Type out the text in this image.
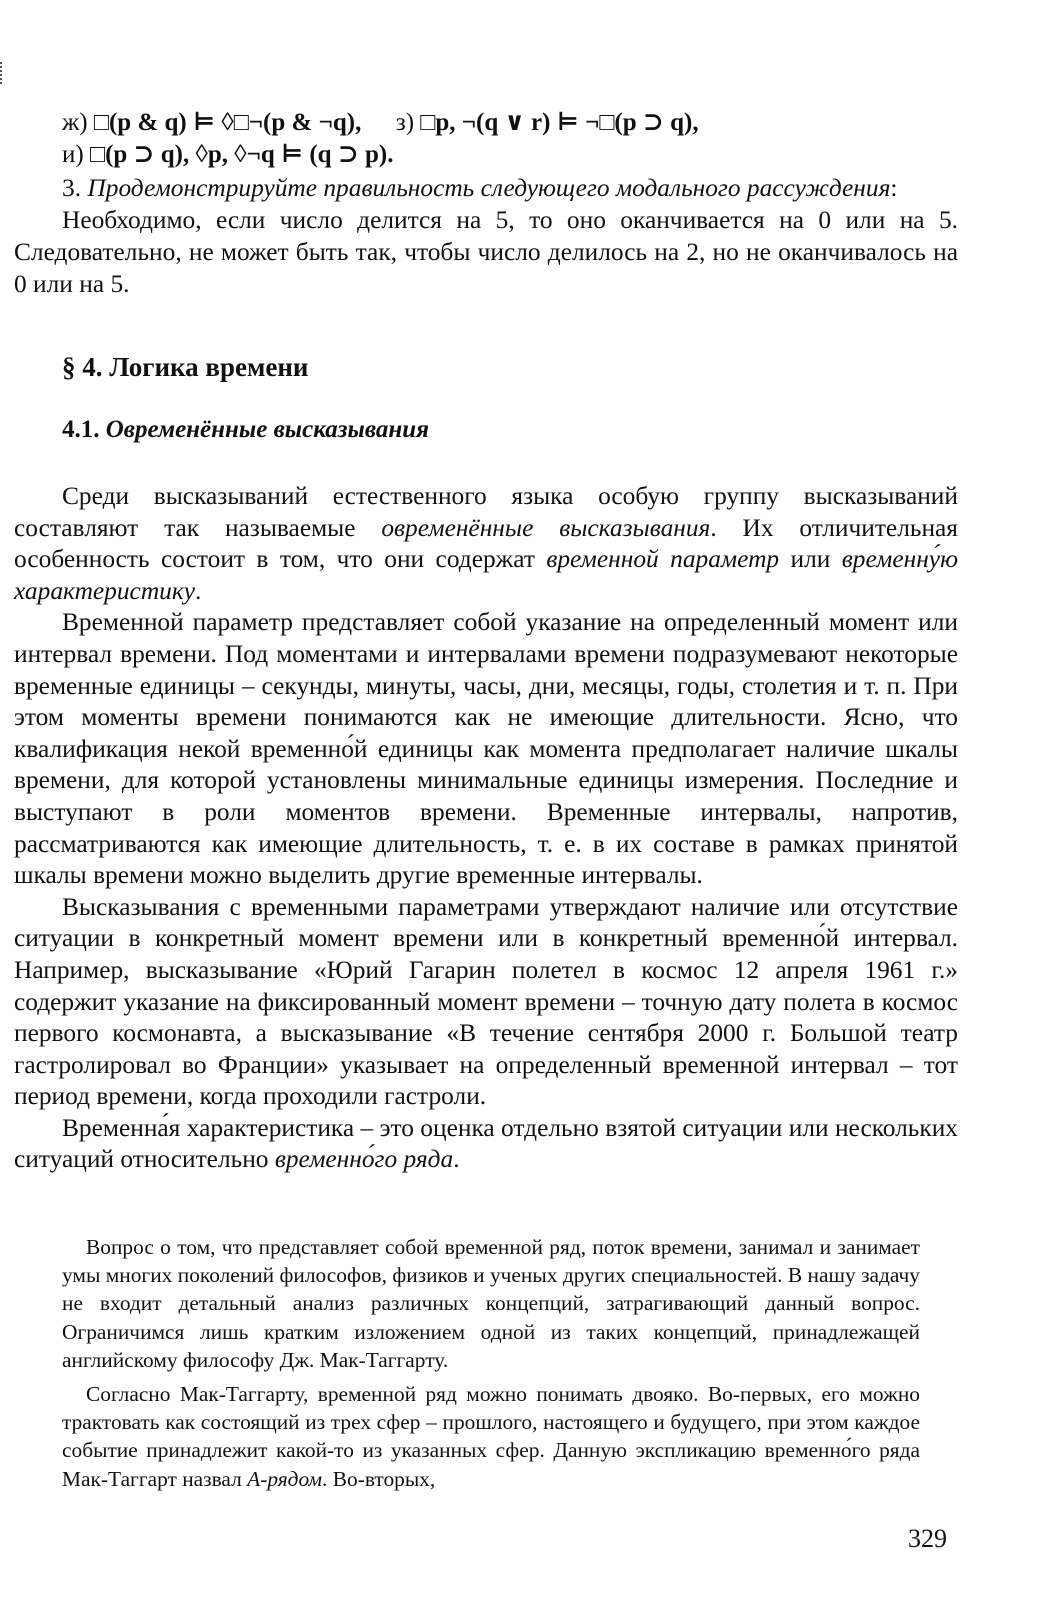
ж) □(p & q) ⊨ ◊□¬(p & ¬q), з) □p, ¬(q ∨ r) ⊨ ¬□(p ⊃ q),
и) □(p ⊃ q), ◊p, ◊¬q ⊨ (q ⊃ p).

3. Продемонстрируйте правильность следующего модального рассуждения:

Необходимо, если число делится на 5, то оно оканчивается на 0 или на 5. Следовательно, не может быть так, чтобы число делилось на 2, но не оканчивалось на 0 или на 5.

§ 4. Логика времени
4.1. Овременённые высказывания

Среди высказываний естественного языка особую группу высказываний составляют так называемые овременённые высказывания. Их отличительная особенность состоит в том, что они содержат временной параметр или временну́ю характеристику.

Временной параметр представляет собой указание на определенный момент или интервал времени. Под моментами и интервалами времени подразумевают некоторые временные единицы – секунды, минуты, часы, дни, месяцы, годы, столетия и т. п. При этом моменты времени понимаются как не имеющие длительности. Ясно, что квалификация некой временно́й единицы как момента предполагает наличие шкалы времени, для которой установлены минимальные единицы измерения. Последние и выступают в роли моментов времени. Временные интервалы, напротив, рассматриваются как имеющие длительность, т. е. в их составе в рамках принятой шкалы времени можно выделить другие временные интервалы.

Высказывания с временными параметрами утверждают наличие или отсутствие ситуации в конкретный момент времени или в конкретный временно́й интервал. Например, высказывание «Юрий Гагарин полетел в космос 12 апреля 1961 г.» содержит указание на фиксированный момент времени – точную дату полета в космос первого космонавта, а высказывание «В течение сентября 2000 г. Большой театр гастролировал во Франции» указывает на определенный временной интервал – тот период времени, когда проходили гастроли.

Временна́я характеристика – это оценка отдельно взятой ситуации или нескольких ситуаций относительно временно́го ряда.

Вопрос о том, что представляет собой временной ряд, поток времени, занимал и занимает умы многих поколений философов, физиков и ученых других специальностей. В нашу задачу не входит детальный анализ различных концепций, затрагивающий данный вопрос. Ограничимся лишь кратким изложением одной из таких концепций, принадлежащей английскому философу Дж. Мак-Таггарту.

Согласно Мак-Таггарту, временной ряд можно понимать двояко. Во-первых, его можно трактовать как состоящий из трех сфер – прошлого, настоящего и будущего, при этом каждое событие принадлежит какой-то из указанных сфер. Данную экспликацию временно́го ряда Мак-Таггарт назвал А-рядом. Во-вторых,

329
